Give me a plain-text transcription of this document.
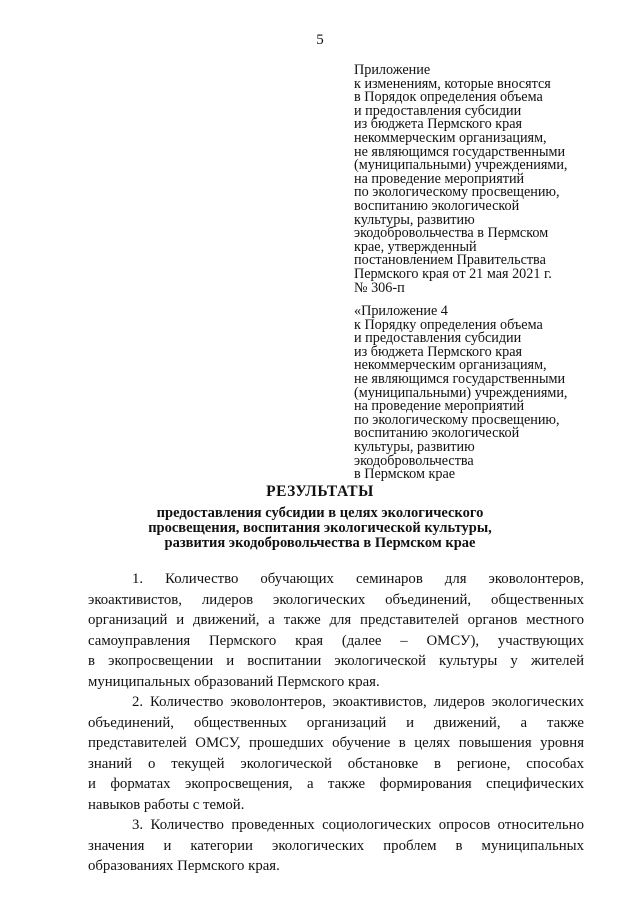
5
Приложение
к изменениям, которые вносятся
в Порядок определения объема
и предоставления субсидии
из бюджета Пермского края
некоммерческим организациям,
не являющимся государственными
(муниципальными) учреждениями,
на проведение мероприятий
по экологическому просвещению,
воспитанию экологической
культуры, развитию
экодобровольчества в Пермском
крае, утвержденный
постановлением Правительства
Пермского края от 21 мая 2021 г.
№ 306-п
«Приложение 4
к Порядку определения объема
и предоставления субсидии
из бюджета Пермского края
некоммерческим организациям,
не являющимся государственными
(муниципальными) учреждениями,
на проведение мероприятий
по экологическому просвещению,
воспитанию экологической
культуры, развитию
экодобровольчества
в Пермском крае
РЕЗУЛЬТАТЫ
предоставления субсидии в целях экологического
просвещения, воспитания экологической культуры,
развития экодобровольчества в Пермском крае

1. Количество обучающих семинаров для эковолонтеров,
экоактивистов, лидеров экологических объединений, общественных
организаций и движений, а также для представителей органов местного
самоуправления Пермского края (далее – ОМСУ), участвующих
в экопросвещении и воспитании экологической культуры у жителей
муниципальных образований Пермского края.

2. Количество эковолонтеров, экоактивистов, лидеров экологических
объединений, общественных организаций и движений, а также
представителей ОМСУ, прошедших обучение в целях повышения уровня
знаний о текущей экологической обстановке в регионе, способах
и форматах экопросвещения, а также формирования специфических
навыков работы с темой.

3. Количество проведенных социологических опросов относительно
значения и категории экологических проблем в муниципальных
образованиях Пермского края.
